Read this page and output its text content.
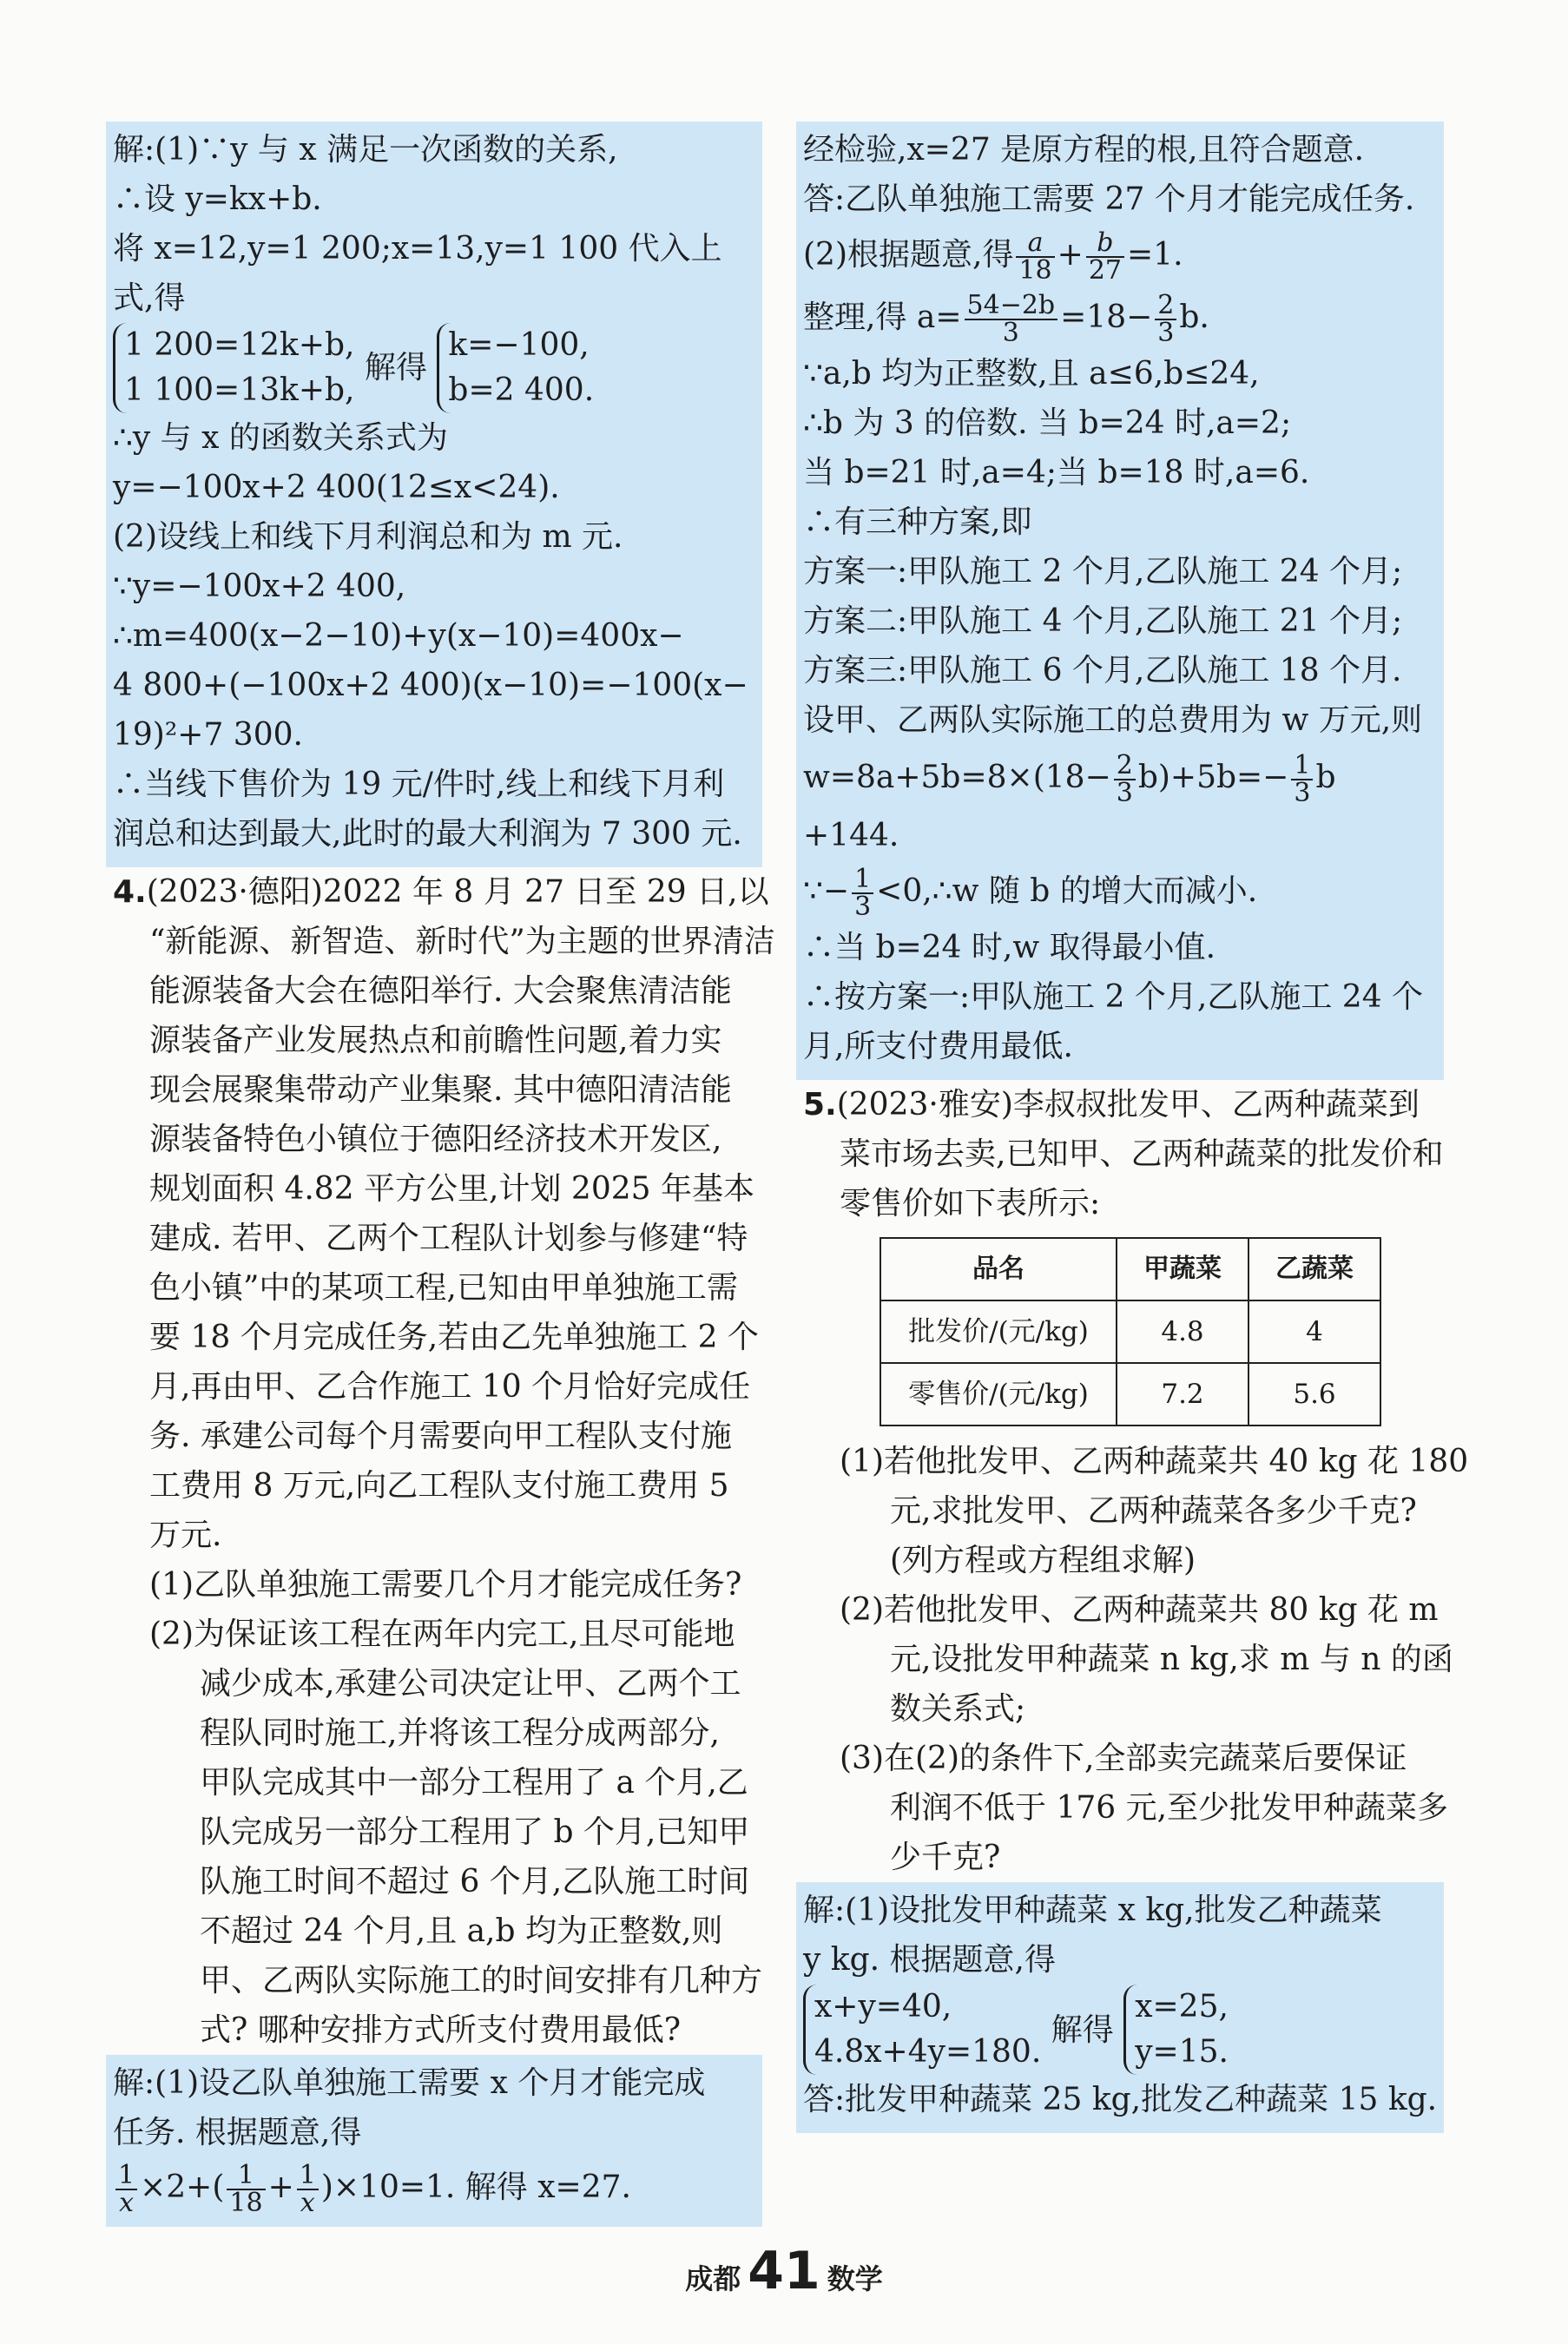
解:(1)∵y 与 x 满足一次函数的关系,
∴设 y=kx+b.
将 x=12,y=1 200;x=13,y=1 100 代入上
式,得
1 200=12k+b,
1 100=13k+b,
解得
k=−100,
b=2 400.
∴y 与 x 的函数关系式为
y=−100x+2 400(12≤x<24).
(2)设线上和线下月利润总和为 m 元.
∵y=−100x+2 400,
∴m=400(x−2−10)+y(x−10)=400x−
4 800+(−100x+2 400)(x−10)=−100(x−
19)²+7 300.
∴当线下售价为 19 元/件时,线上和线下月利
润总和达到最大,此时的最大利润为 7 300 元.
4.(2023·德阳)2022 年 8 月 27 日至 29 日,以
“新能源、新智造、新时代”为主题的世界清洁
能源装备大会在德阳举行. 大会聚焦清洁能
源装备产业发展热点和前瞻性问题,着力实
现会展聚集带动产业集聚. 其中德阳清洁能
源装备特色小镇位于德阳经济技术开发区,
规划面积 4.82 平方公里,计划 2025 年基本
建成. 若甲、乙两个工程队计划参与修建“特
色小镇”中的某项工程,已知由甲单独施工需
要 18 个月完成任务,若由乙先单独施工 2 个
月,再由甲、乙合作施工 10 个月恰好完成任
务. 承建公司每个月需要向甲工程队支付施
工费用 8 万元,向乙工程队支付施工费用 5
万元.
(1)乙队单独施工需要几个月才能完成任务?
(2)为保证该工程在两年内完工,且尽可能地
减少成本,承建公司决定让甲、乙两个工
程队同时施工,并将该工程分成两部分,
甲队完成其中一部分工程用了 a 个月,乙
队完成另一部分工程用了 b 个月,已知甲
队施工时间不超过 6 个月,乙队施工时间
不超过 24 个月,且 a,b 均为正整数,则
甲、乙两队实际施工的时间安排有几种方
式? 哪种安排方式所支付费用最低?
解:(1)设乙队单独施工需要 x 个月才能完成
任务. 根据题意,得
$\frac{1}{x} \times 2+( \frac{1}{18} + \frac{1}{x} )\times 10=1$. 解得 x=27.
经检验,x=27 是原方程的根,且符合题意.
答:乙队单独施工需要 27 个月才能完成任务.
(2)根据题意,得 $\frac{a}{18} + \frac{b}{27} =1$.
整理,得 $a= \frac{54-2b}{3} =18- \frac{2}{3} b$.
∵a,b 均为正整数,且 a≤6,b≤24,
∴b 为 3 的倍数. 当 b=24 时,a=2;
当 b=21 时,a=4;当 b=18 时,a=6.
∴有三种方案,即
方案一:甲队施工 2 个月,乙队施工 24 个月;
方案二:甲队施工 4 个月,乙队施工 21 个月;
方案三:甲队施工 6 个月,乙队施工 18 个月.
设甲、乙两队实际施工的总费用为 w 万元,则
$w=8a+5b=8\times(18- \frac{2}{3} b)+5b=- \frac{1}{3}$ b
+144.
∵− $\frac{1}{3}$ <0,∴w 随 b 的增大而减小.
∴当 b=24 时,w 取得最小值.
∴按方案一:甲队施工 2 个月,乙队施工 24 个
月,所支付费用最低.
5.(2023·雅安)李叔叔批发甲、乙两种蔬菜到
菜市场去卖,已知甲、乙两种蔬菜的批发价和
零售价如下表所示:
品名	甲蔬菜	乙蔬菜
批发价/(元/kg)	4.8	4
零售价/(元/kg)	7.2	5.6
(1)若他批发甲、乙两种蔬菜共 40 kg 花 180
元,求批发甲、乙两种蔬菜各多少千克?
(列方程或方程组求解)
(2)若他批发甲、乙两种蔬菜共 80 kg 花 m
元,设批发甲种蔬菜 n kg,求 m 与 n 的函
数关系式;
(3)在(2)的条件下,全部卖完蔬菜后要保证
利润不低于 176 元,至少批发甲种蔬菜多
少千克?
解:(1)设批发甲种蔬菜 x kg,批发乙种蔬菜
y kg. 根据题意,得
x+y=40,
4.8x+4y=180.
解得
x=25,
y=15.
答:批发甲种蔬菜 25 kg,批发乙种蔬菜 15 kg.
成都 41 数学
